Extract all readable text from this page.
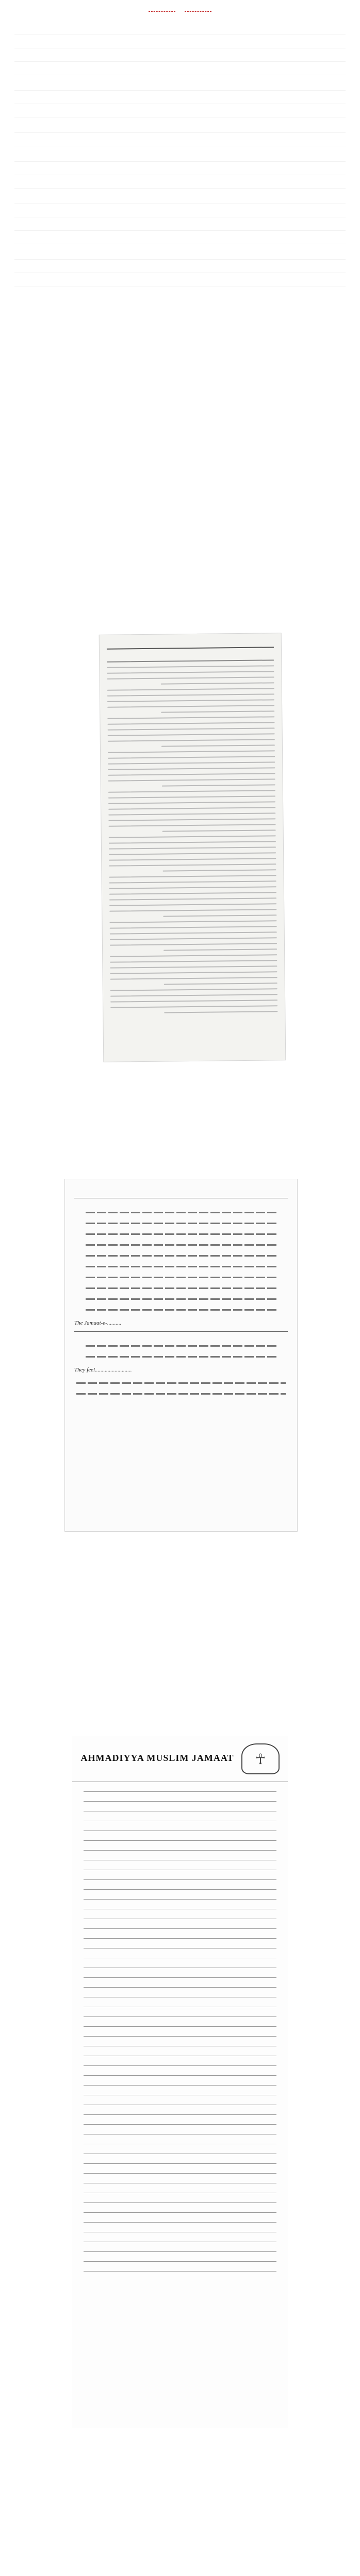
The Jamaat-e-..........
They feel..........................
☥
AHMADIYYA MUSLIM JAMAAT
